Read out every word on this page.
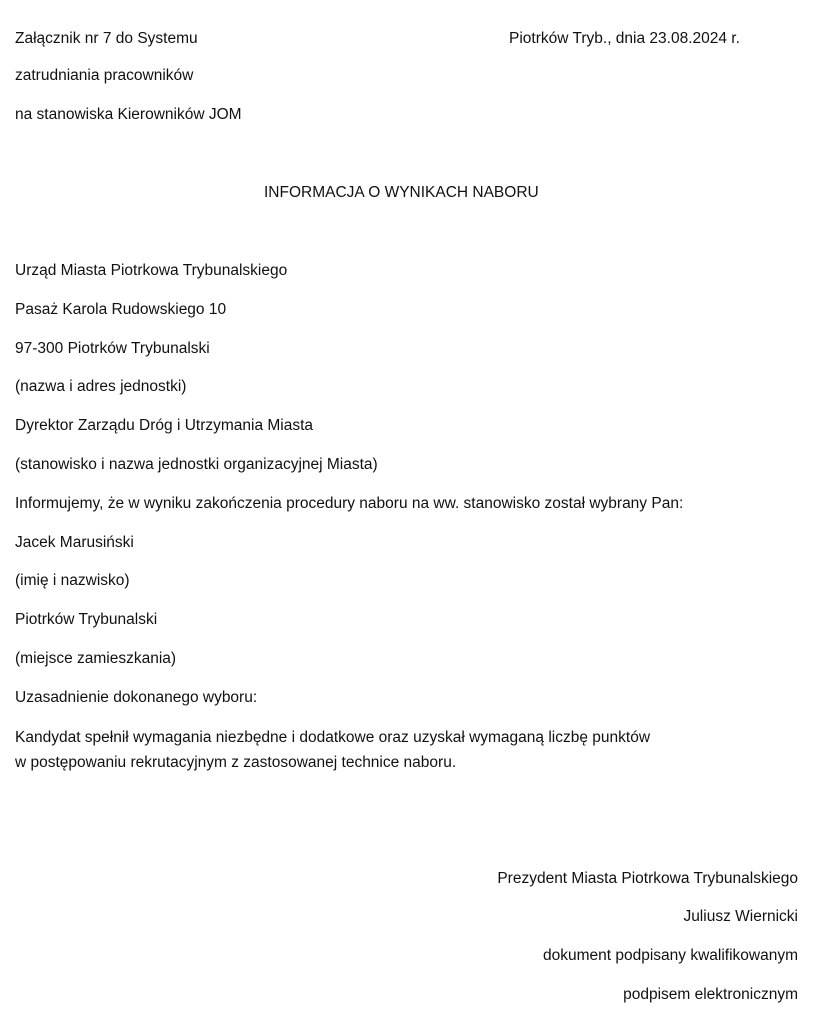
Załącznik nr 7 do Systemu
zatrudniania pracowników
na stanowiska Kierowników JOM
Piotrków Tryb., dnia 23.08.2024 r.
INFORMACJA O WYNIKACH NABORU
Urząd Miasta Piotrkowa Trybunalskiego
Pasaż Karola Rudowskiego 10
97-300 Piotrków Trybunalski
(nazwa i adres jednostki)
Dyrektor Zarządu Dróg i Utrzymania Miasta
(stanowisko i nazwa jednostki organizacyjnej Miasta)
Informujemy, że w wyniku zakończenia procedury naboru na ww. stanowisko został wybrany Pan:
Jacek Marusiński
(imię i nazwisko)
Piotrków Trybunalski
(miejsce zamieszkania)
Uzasadnienie dokonanego wyboru:
Kandydat spełnił wymagania niezbędne i dodatkowe oraz uzyskał wymaganą liczbę punktów
w postępowaniu rekrutacyjnym z zastosowanej technice naboru.
Prezydent Miasta Piotrkowa Trybunalskiego
Juliusz Wiernicki
dokument podpisany kwalifikowanym
podpisem elektronicznym
